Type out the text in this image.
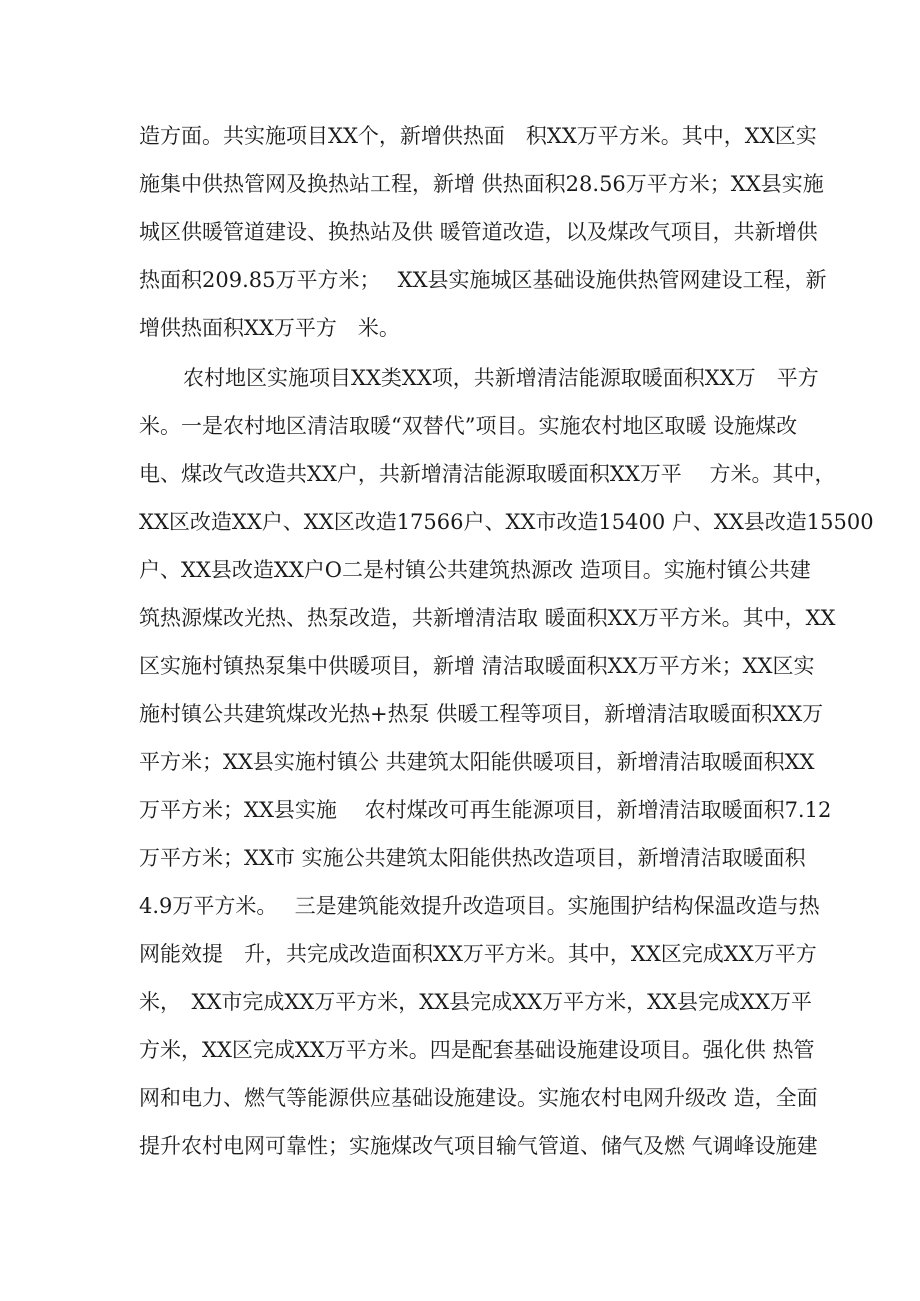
造方面。共实施项目XX个，新增供热面　积XX万平方米。其中，XX区实
施集中供热管网及换热站工程，新增 供热面积28.56万平方米；XX县实施
城区供暖管道建设、换热站及供 暖管道改造，以及煤改气项目，共新增供
热面积209.85万平方米；　 XX县实施城区基础设施供热管网建设工程，新
增供热面积XX万平方　米。
农村地区实施项目XX类XX项，共新增清洁能源取暖面积XX万　平方
米。一是农村地区清洁取暖“双替代”项目。实施农村地区取暖 设施煤改
电、煤改气改造共XX户，共新增清洁能源取暖面积XX万平　 方米。其中，
XX区改造XX户、XX区改造17566户、XX市改造15400 户、XX县改造15500
户、XX县改造XX户O二是村镇公共建筑热源改 造项目。实施村镇公共建
筑热源煤改光热、热泵改造，共新增清洁取 暖面积XX万平方米。其中，XX
区实施村镇热泵集中供暖项目，新增 清洁取暖面积XX万平方米；XX区实
施村镇公共建筑煤改光热+热泵 供暖工程等项目，新增清洁取暖面积XX万
平方米；XX县实施村镇公 共建筑太阳能供暖项目，新增清洁取暖面积XX
万平方米；XX县实施　 农村煤改可再生能源项目，新增清洁取暖面积7.12
万平方米；XX市 实施公共建筑太阳能供热改造项目，新增清洁取暖面积
4.9万平方米。　 三是建筑能效提升改造项目。实施围护结构保温改造与热
网能效提　升，共完成改造面积XX万平方米。其中，XX区完成XX万平方
米，　XX市完成XX万平方米，XX县完成XX万平方米，XX县完成XX万平
方米，XX区完成XX万平方米。四是配套基础设施建设项目。强化供 热管
网和电力、燃气等能源供应基础设施建设。实施农村电网升级改 造，全面
提升农村电网可靠性；实施煤改气项目输气管道、储气及燃 气调峰设施建
